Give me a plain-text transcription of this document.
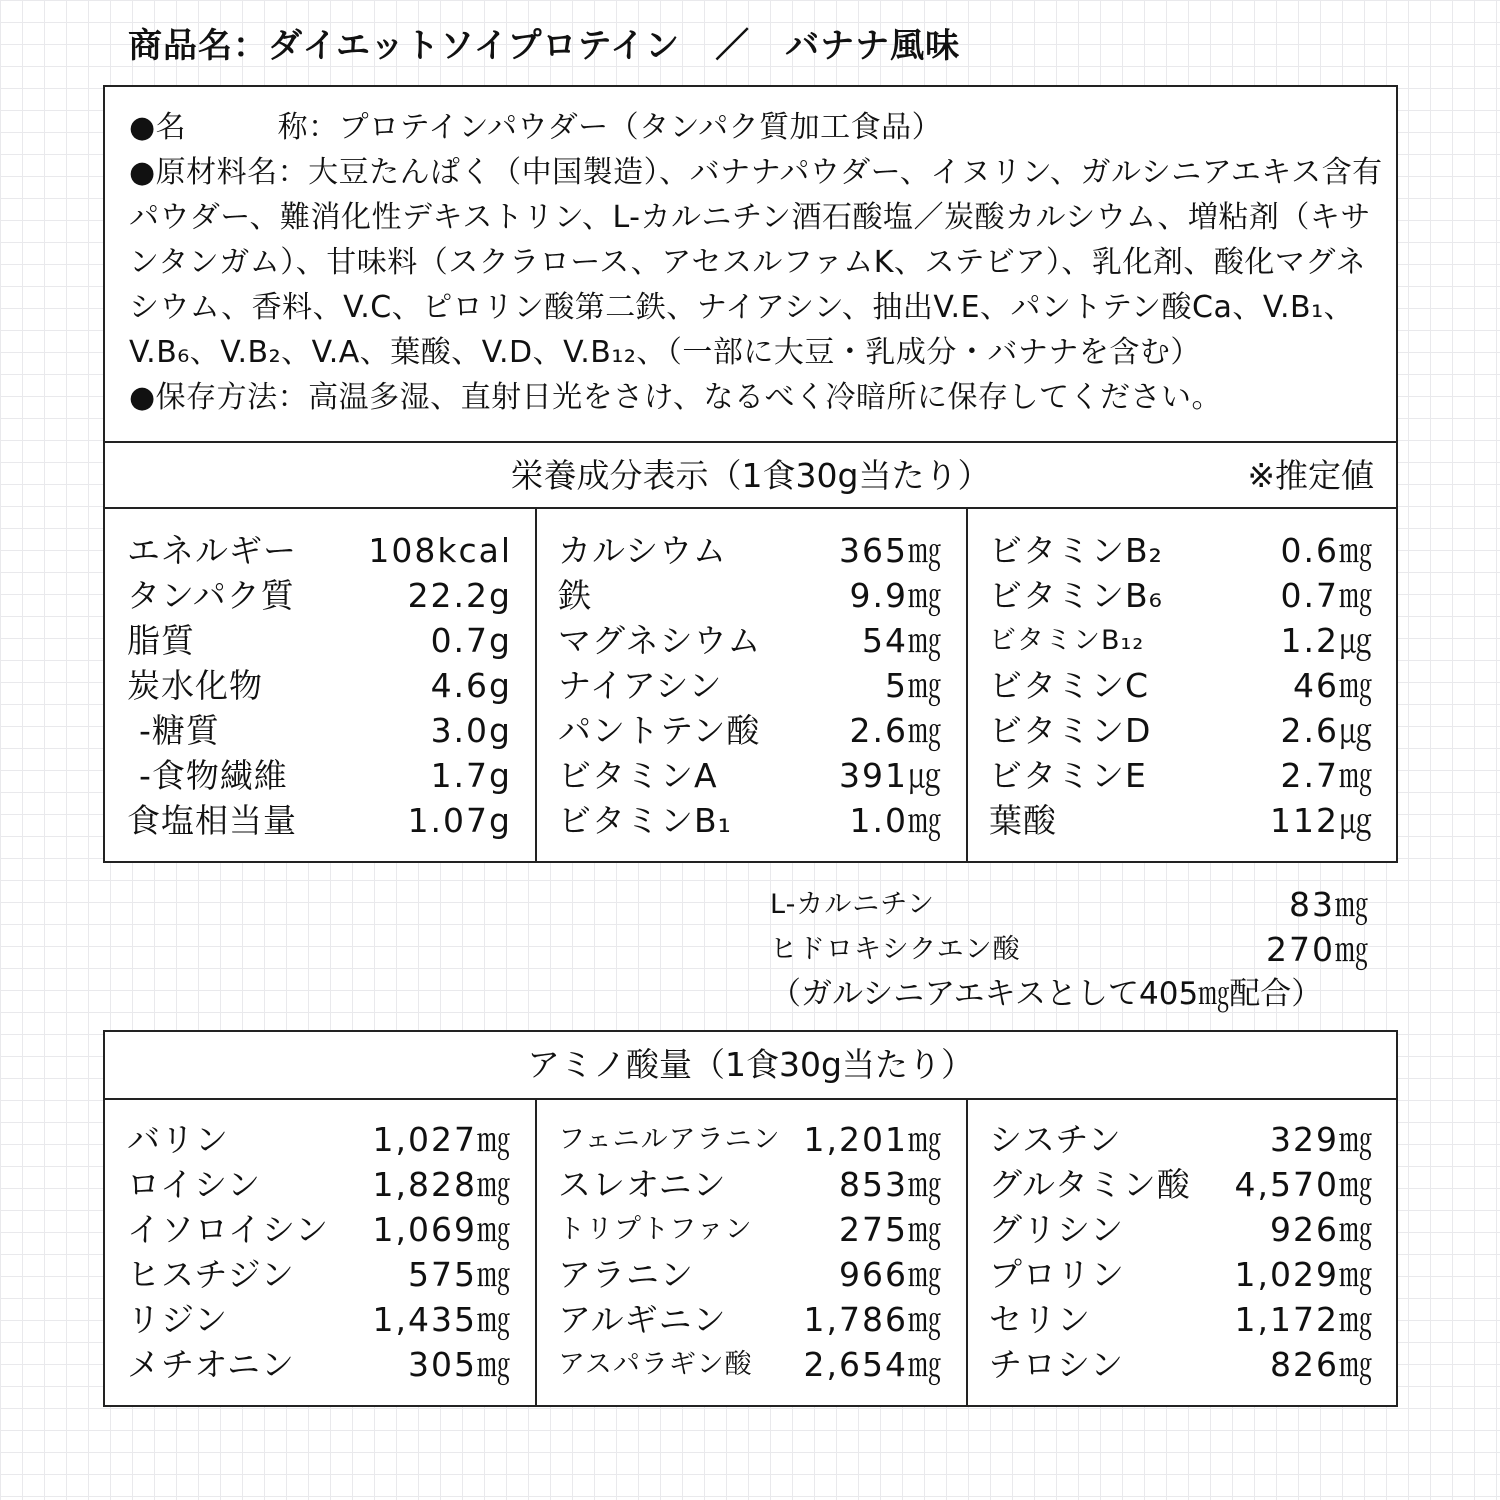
商品名：ダイエットソイプロテイン　／　バナナ風味

●名　　　称：プロテインパウダー（タンパク質加工食品）

●原材料名：大豆たんぱく（中国製造）、バナナパウダー、イヌリン、ガルシニアエキス含有パウダー、難消化性デキストリン、L-カルニチン酒石酸塩／炭酸カルシウム、増粘剤（キサンタンガム）、甘味料（スクラロース、アセスルファムK、ステビア）、乳化剤、酸化マグネシウム、香料、V.C、ピロリン酸第二鉄、ナイアシン、抽出V.E、パントテン酸Ca、V.B₁、V.B₆、V.B₂、V.A、葉酸、V.D、V.B₁₂、（一部に大豆・乳成分・バナナを含む）

●保存方法：高温多湿、直射日光をさけ、なるべく冷暗所に保存してください。

栄養成分表示（1食30g当たり）	※推定値
エネルギー 108kcal
タンパク質	22.2g
脂質	0.7g
炭水化物	4.6g
-糖質	3.0g
-食物繊維	1.7g
食塩相当量	1.07g
カルシウム	365㎎
鉄	9.9㎎
マグネシウム	54㎎
ナイアシン	5㎎
パントテン酸	2.6㎎
ビタミンA	391㎍
ビタミンB₁	1.0㎎
ビタミンB₂	0.6㎎
ビタミンB₆	0.7㎎
ビタミンB₁₂	1.2㎍
ビタミンC	46㎎
ビタミンD	2.6㎍
ビタミンE	2.7㎎
葉酸	112㎍
L-カルニチン	83㎎
ヒドロキシクエン酸	270㎎
（ガルシニアエキスとして405㎎配合）
アミノ酸量（1食30g当たり）
バリン	1,027㎎
ロイシン	1,828㎎
イソロイシン 1,069㎎
ヒスチジン	575㎎
リジン	1,435㎎
メチオニン	305㎎
フェニルアラニン 1,201㎎
スレオニン	853㎎
トリプトファン	275㎎
アラニン	966㎎
アルギニン 1,786㎎
アスパラギン酸 2,654㎎
シスチン	329㎎
グルタミン酸 4,570㎎
グリシン	926㎎
プロリン	1,029㎎
セリン	1,172㎎
チロシン	826㎎
